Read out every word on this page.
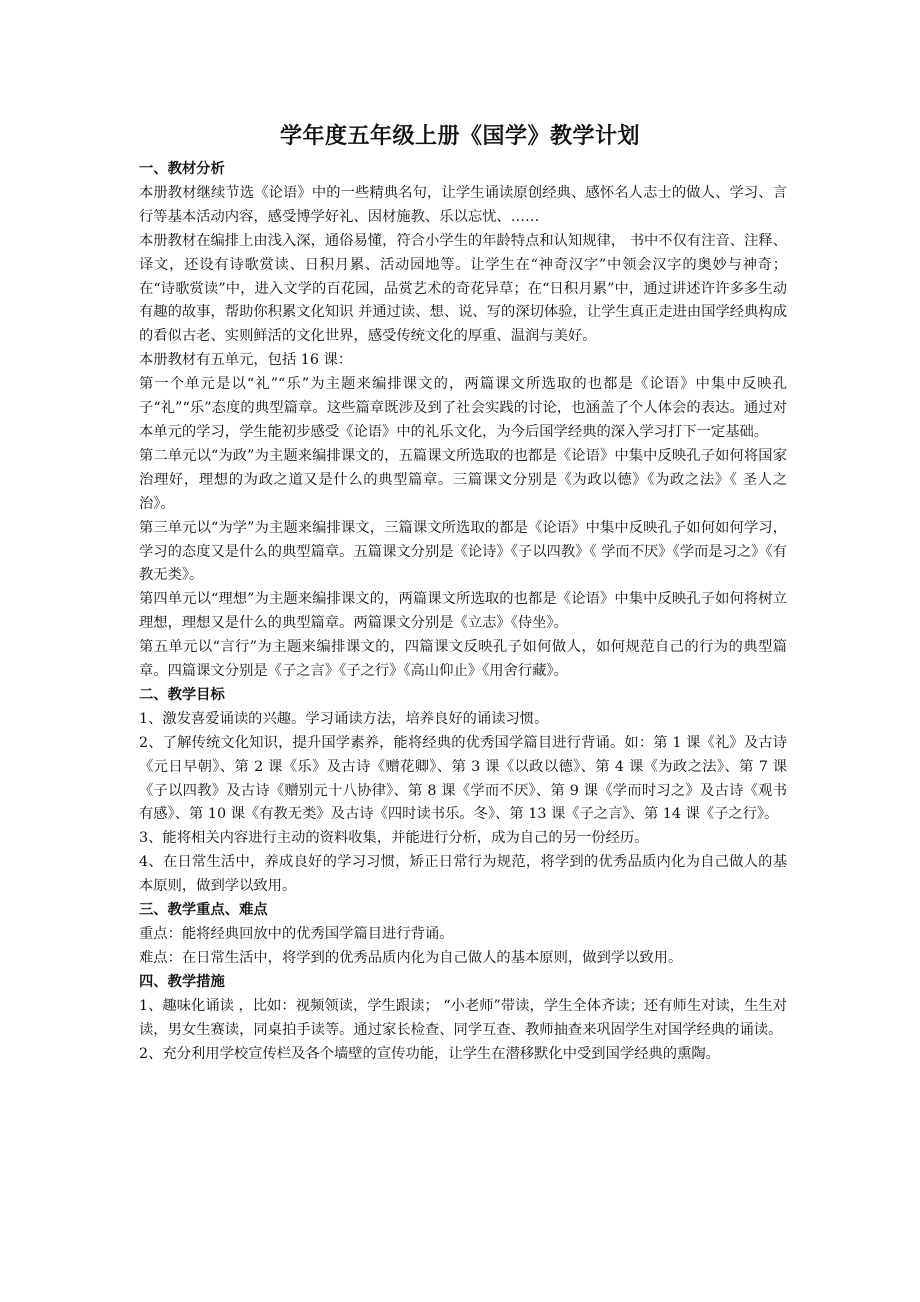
学年度五年级上册《国学》教学计划
一、教材分析

本册教材继续节选《论语》中的一些精典名句，让学生诵读原创经典、感怀名人志士的做人、学习、言行等基本活动内容，感受博学好礼、因材施教、乐以忘忧、……

本册教材在编排上由浅入深，通俗易懂，符合小学生的年龄特点和认知规律， 书中不仅有注音、注释、译文，还设有诗歌赏读、日积月累、活动园地等。让学生在“神奇汉字”中领会汉字的奥妙与神奇；在“诗歌赏读”中，进入文学的百花园，品赏艺术的奇花异草；在“日积月累”中，通过讲述许许多多生动有趣的故事，帮助你积累文化知识 并通过读、想、说、写的深切体验，让学生真正走进由国学经典构成的看似古老、实则鲜活的文化世界，感受传统文化的厚重、温润与美好。

本册教材有五单元，包括 16 课：

第一个单元是以“礼”“乐”为主题来编排课文的，两篇课文所选取的也都是《论语》中集中反映孔子“礼”“乐”态度的典型篇章。这些篇章既涉及到了社会实践的讨论，也涵盖了个人体会的表达。通过对本单元的学习，学生能初步感受《论语》中的礼乐文化，为今后国学经典的深入学习打下一定基础。

第二单元以“为政”为主题来编排课文的，五篇课文所选取的也都是《论语》中集中反映孔子如何将国家治理好，理想的为政之道又是什么的典型篇章。三篇课文分别是《为政以德》《为政之法》《 圣人之治》。

第三单元以“为学”为主题来编排课文，三篇课文所选取的都是《论语》中集中反映孔子如何如何学习，学习的态度又是什么的典型篇章。五篇课文分别是《论诗》《子以四教》《 学而不厌》《学而是习之》《有教无类》。

第四单元以“理想”为主题来编排课文的，两篇课文所选取的也都是《论语》中集中反映孔子如何将树立理想，理想又是什么的典型篇章。两篇课文分别是《立志》《侍坐》。

第五单元以“言行”为主题来编排课文的，四篇课文反映孔子如何做人，如何规范自己的行为的典型篇章。四篇课文分别是《子之言》《子之行》《高山仰止》《用舍行藏》。

二、教学目标

1、激发喜爱诵读的兴趣。学习诵读方法，培养良好的诵读习惯。

2、了解传统文化知识，提升国学素养，能将经典的优秀国学篇目进行背诵。如：第 1 课《礼》及古诗《元日早朝》、第 2 课《乐》及古诗《赠花卿》、第 3 课《以政以德》、第 4 课《为政之法》、第 7 课《子以四教》及古诗《赠别元十八协律》、第 8 课《学而不厌》、第 9 课《学而时习之》及古诗《观书有感》、第 10 课《有教无类》及古诗《四时读书乐。冬》、第 13 课《子之言》、第 14 课《子之行》。

3、能将相关内容进行主动的资料收集，并能进行分析，成为自己的另一份经历。

4、在日常生活中，养成良好的学习习惯，矫正日常行为规范，将学到的优秀品质内化为自己做人的基本原则，做到学以致用。

三、教学重点、难点

重点：能将经典回放中的优秀国学篇目进行背诵。

难点：在日常生活中，将学到的优秀品质内化为自己做人的基本原则，做到学以致用。

四、教学措施

1、趣味化诵读 ，比如：视频领读，学生跟读； “小老师”带读，学生全体齐读；还有师生对读，生生对读，男女生赛读，同桌拍手读等。通过家长检查、同学互查、教师抽查来巩固学生对国学经典的诵读。

2、充分利用学校宣传栏及各个墙壁的宣传功能，让学生在潜移默化中受到国学经典的熏陶。
